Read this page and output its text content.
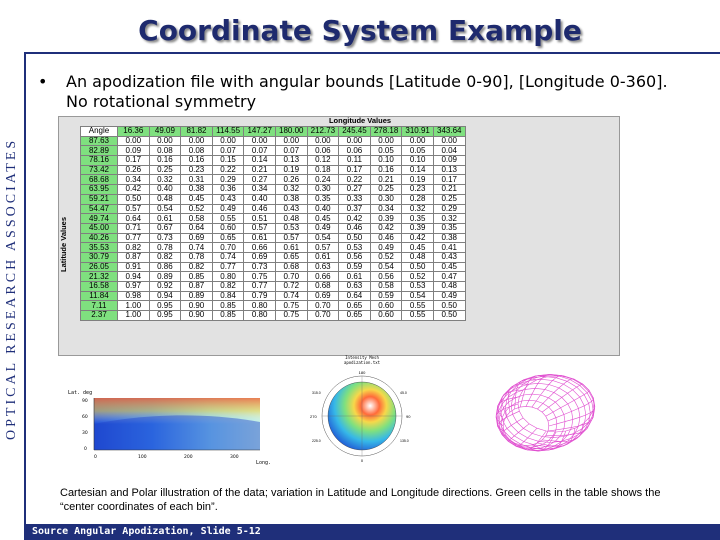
OPTICAL RESEARCH ASSOCIATES
Coordinate System Example
• An apodization file with angular bounds [Latitude 0-90], [Longitude 0-360]. No rotational symmetry
Longitude Values
Latitude Values
Angle	16.36	49.09	81.82	114.55	147.27	180.00	212.73	245.45	278.18	310.91	343.64
87.63	0.00	0.00	0.00	0.00	0.00	0.00	0.00	0.00	0.00	0.00	0.00
82.89	0.09	0.08	0.08	0.07	0.07	0.07	0.06	0.06	0.05	0.05	0.04
78.16	0.17	0.16	0.16	0.15	0.14	0.13	0.12	0.11	0.10	0.10	0.09
73.42	0.26	0.25	0.23	0.22	0.21	0.19	0.18	0.17	0.16	0.14	0.13
68.68	0.34	0.32	0.31	0.29	0.27	0.26	0.24	0.22	0.21	0.19	0.17
63.95	0.42	0.40	0.38	0.36	0.34	0.32	0.30	0.27	0.25	0.23	0.21
59.21	0.50	0.48	0.45	0.43	0.40	0.38	0.35	0.33	0.30	0.28	0.25
54.47	0.57	0.54	0.52	0.49	0.46	0.43	0.40	0.37	0.34	0.32	0.29
49.74	0.64	0.61	0.58	0.55	0.51	0.48	0.45	0.42	0.39	0.35	0.32
45.00	0.71	0.67	0.64	0.60	0.57	0.53	0.49	0.46	0.42	0.39	0.35
40.26	0.77	0.73	0.69	0.65	0.61	0.57	0.54	0.50	0.46	0.42	0.38
35.53	0.82	0.78	0.74	0.70	0.66	0.61	0.57	0.53	0.49	0.45	0.41
30.79	0.87	0.82	0.78	0.74	0.69	0.65	0.61	0.56	0.52	0.48	0.43
26.05	0.91	0.86	0.82	0.77	0.73	0.68	0.63	0.59	0.54	0.50	0.45
21.32	0.94	0.89	0.85	0.80	0.75	0.70	0.66	0.61	0.56	0.52	0.47
16.58	0.97	0.92	0.87	0.82	0.77	0.72	0.68	0.63	0.58	0.53	0.48
11.84	0.98	0.94	0.89	0.84	0.79	0.74	0.69	0.64	0.59	0.54	0.49
7.11	1.00	0.95	0.90	0.85	0.80	0.75	0.70	0.65	0.60	0.55	0.50
2.37	1.00	0.95	0.90	0.85	0.80	0.75	0.70	0.65	0.60	0.55	0.50
Lat. deg
90
60
30
0
0	100	200	300
Long.
Intensity Mesh
apodization.txt
180
0
90
270
315.0	45.0
225.0	135.0
Cartesian and Polar illustration of the data; variation in Latitude and Longitude directions. Green cells in the table shows the “center coordinates of each bin”.
Source Angular Apodization, Slide 5-12
